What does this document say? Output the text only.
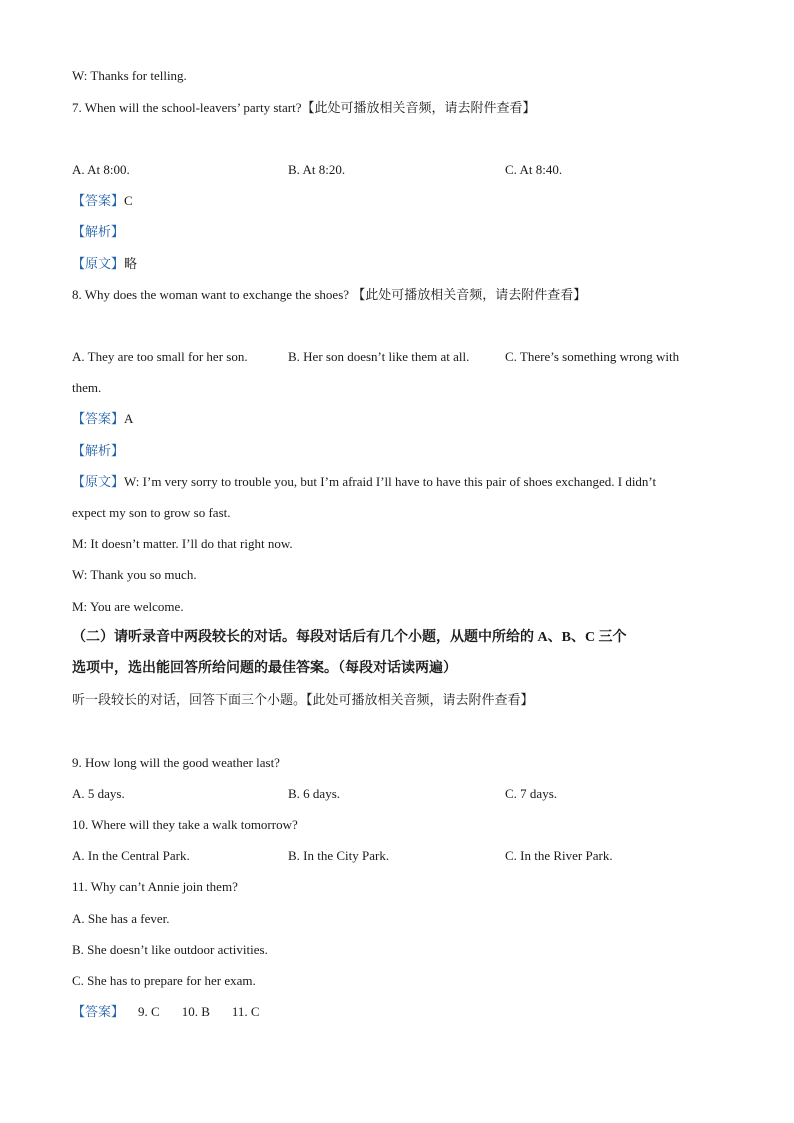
W: Thanks for telling.
7. When will the school-leavers’ party start?【此处可播放相关音频，请去附件查看】
A. At 8:00.	B. At 8:20.	C. At 8:40.
【答案】C
【解析】
【原文】略
8. Why does the woman want to exchange the shoes? 【此处可播放相关音频，请去附件查看】
A. They are too small for her son.	B. Her son doesn’t like them at all.	C. There’s something wrong with
them.
【答案】A
【解析】
【原文】W: I’m very sorry to trouble you, but I’m afraid I’ll have to have this pair of shoes exchanged. I didn’t
expect my son to grow so fast.
M: It doesn’t matter. I’ll do that right now.
W: Thank you so much.
M: You are welcome.
（二）请听录音中两段较长的对话。每段对话后有几个小题，从题中所给的 A、B、C 三个
选项中，选出能回答所给问题的最佳答案。（每段对话读两遍）
听一段较长的对话，回答下面三个小题。【此处可播放相关音频，请去附件查看】
9. How long will the good weather last?
A. 5 days.	B. 6 days.	C. 7 days.
10. Where will they take a walk tomorrow?
A. In the Central Park.	B. In the City Park.	C. In the River Park.
11. Why can’t Annie join them?
A. She has a fever.
B. She doesn’t like outdoor activities.
C. She has to prepare for her exam.
【答案】 9. C 10. B 11. C
